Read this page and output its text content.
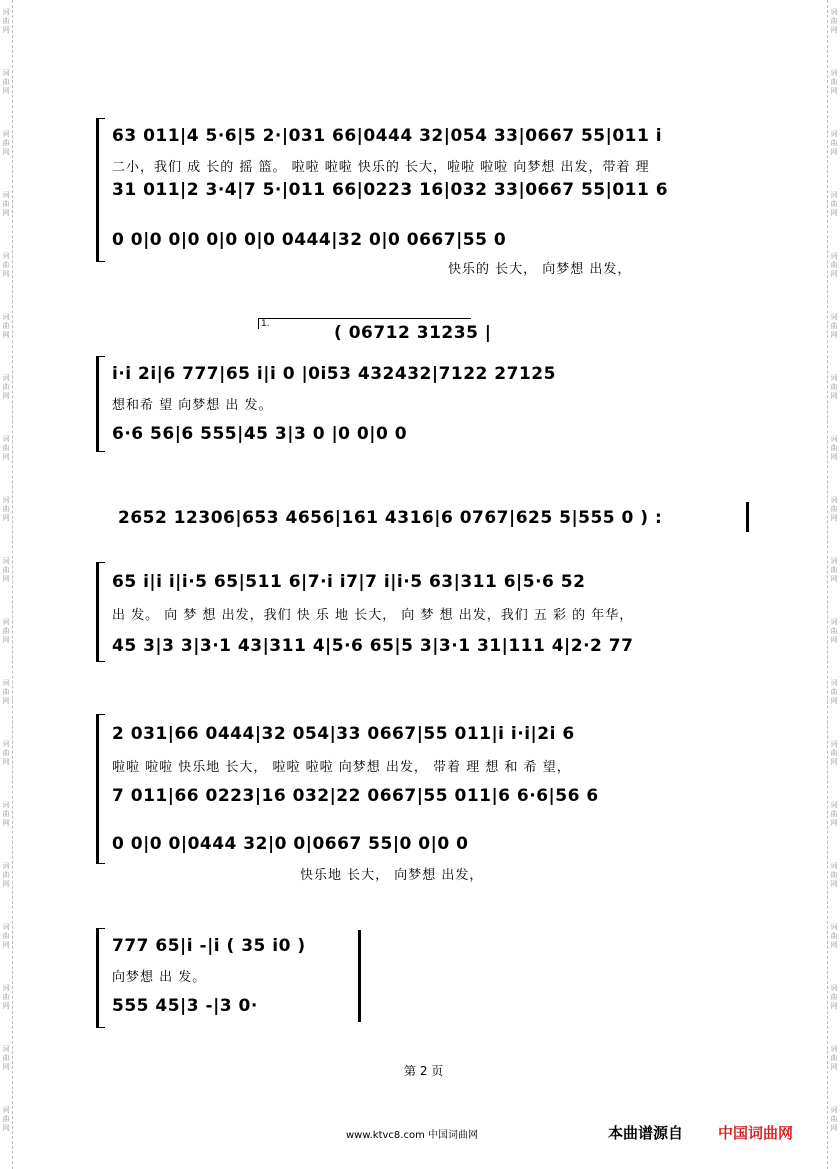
词
曲
网
词
曲
网
词
曲
网
词
曲
网
词
曲
网
词
曲
网
词
曲
网
词
曲
网
词
曲
网
词
曲
网
词
曲
网
词
曲
网
词
曲
网
词
曲
网
词
曲
网
词
曲
网
词
曲
网
词
曲
网
词
曲
网
词
曲
网
词
曲
网
词
曲
网
词
曲
网
词
曲
网
词
曲
网
词
曲
网
词
曲
网
词
曲
网
词
曲
网
词
曲
网
词
曲
网
词
曲
网
词
曲
网
词
曲
网
词
曲
网
词
曲
网
词
曲
网
词
曲
网
63 011|4 5·6|5 2·|031 66|0444 32|054 33|0667 55|011 i
二小，我们 成 长的 摇 篮。 啦啦 啦啦 快乐的 长大，啦啦 啦啦 向梦想 出发，带着 理
31 011|2 3·4|7 5·|011 66|0223 16|032 33|0667 55|011 6
0 0|0 0|0 0|0 0|0 0444|32 0|0 0667|55 0
快乐的 长大， 向梦想 出发，
1.	( 06712 31235 |
i·i 2i|6 777|65 i|i 0 |0i53 432432|7122 27125
想和希 望 向梦想 出 发。
6·6 56|6 555|45 3|3 0 |0 0|0 0
2652 12306|653 4656|161 4316|6 0767|625 5|555 0 ) :
65 i|i i|i·5 65|511 6|7·i i7|7 i|i·5 63|311 6|5·6 52
出 发。 向 梦 想 出发，我们 快 乐 地 长大， 向 梦 想 出发，我们 五 彩 的 年华，
45 3|3 3|3·1 43|311 4|5·6 65|5 3|3·1 31|111 4|2·2 77
2 031|66 0444|32 054|33 0667|55 011|i i·i|2i 6
啦啦 啦啦 快乐地 长大， 啦啦 啦啦 向梦想 出发， 带着 理 想 和 希 望，
7 011|66 0223|16 032|22 0667|55 011|6 6·6|56 6
0 0|0 0|0444 32|0 0|0667 55|0 0|0 0
快乐地 长大， 向梦想 出发，
777 65|i -|i ( 35 i0 )
向梦想 出 发。
555 45|3 -|3 0·
第 2 页
www.ktvc8.com 中国词曲网	本曲谱源自 中国词曲网
